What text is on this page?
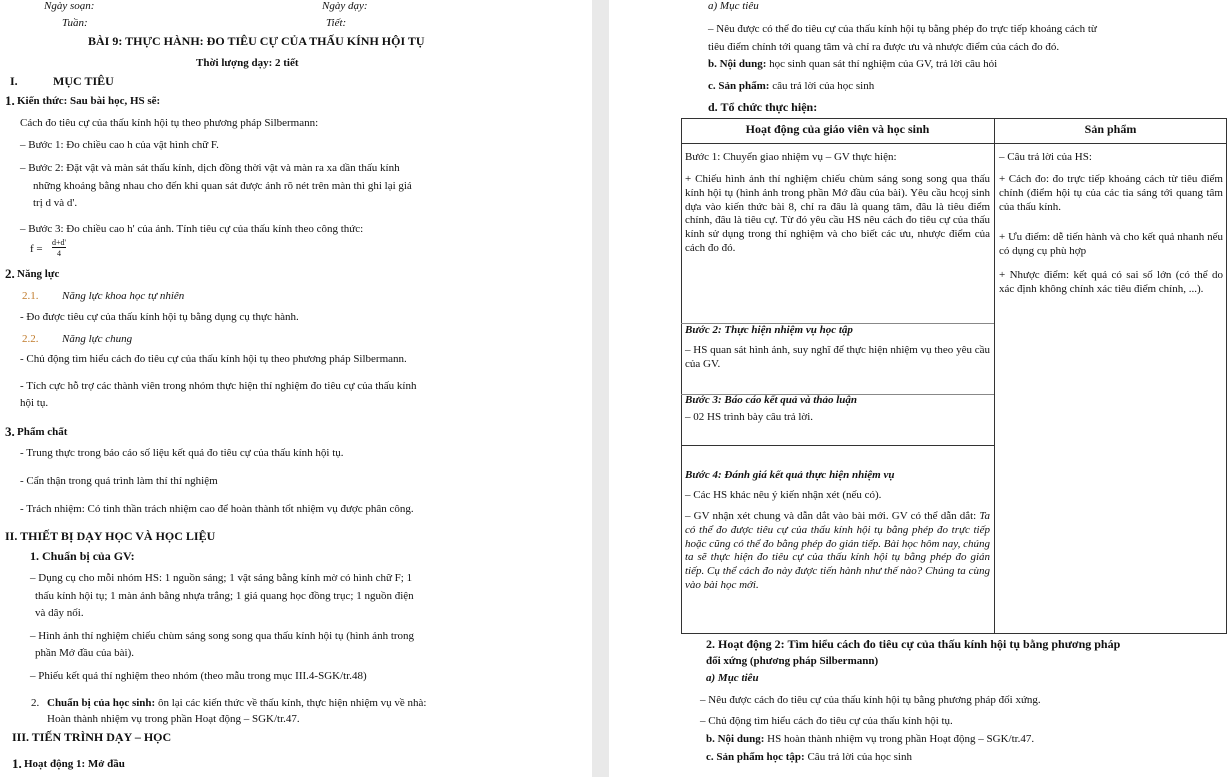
Ngày soạn:	Ngày dạy:
Tuần:	Tiết:
BÀI 9: THỰC HÀNH: ĐO TIÊU CỰ CỦA THẤU KÍNH HỘI TỤ
Thời lượng dạy: 2 tiết
I.	MỤC TIÊU
1. Kiến thức: Sau bài học, HS sẽ:
Cách đo tiêu cự của thấu kính hội tụ theo phương pháp Silbermann:
– Bước 1: Đo chiều cao h của vật hình chữ F.
– Bước 2: Đặt vật và màn sát thấu kính, dịch đồng thời vật và màn ra xa dần thấu kính
những khoảng bằng nhau cho đến khi quan sát được ảnh rõ nét trên màn thì ghi lại giá
trị d và d'.
– Bước 3: Đo chiều cao h' của ảnh. Tính tiêu cự của thấu kính theo công thức:
f =
d+d'
4
2. Năng lực
2.1. Năng lực khoa học tự nhiên
- Đo được tiêu cự của thấu kính hội tụ bằng dụng cụ thực hành.
2.2. Năng lực chung
- Chủ động tìm hiểu cách đo tiêu cự của thấu kính hội tụ theo phương pháp Silbermann.
- Tích cực hỗ trợ các thành viên trong nhóm thực hiện thí nghiệm đo tiêu cự của thấu kính
hội tụ.
3. Phẩm chất
- Trung thực trong báo cáo số liệu kết quả đo tiêu cự của thấu kính hội tụ.
- Cẩn thận trong quá trình làm thí thí nghiệm
- Trách nhiệm: Có tinh thần trách nhiệm cao để hoàn thành tốt nhiệm vụ được phân công.
II. THIẾT BỊ DẠY HỌC VÀ HỌC LIỆU
1. Chuẩn bị của GV:
– Dụng cụ cho mỗi nhóm HS: 1 nguồn sáng; 1 vật sáng bằng kính mờ có hình chữ F; 1
thấu kính hội tụ; 1 màn ảnh bằng nhựa trắng; 1 giá quang học đồng trục; 1 nguồn điện
và dây nối.
– Hình ảnh thí nghiệm chiếu chùm sáng song song qua thấu kính hội tụ (hình ảnh trong
phần Mở đầu của bài).
– Phiếu kết quả thí nghiệm theo nhóm (theo mẫu trong mục III.4-SGK/tr.48)
2. Chuẩn bị của học sinh: ôn lại các kiến thức về thấu kính, thực hiện nhiệm vụ về nhà:
Hoàn thành nhiệm vụ trong phần Hoạt động – SGK/tr.47.
III. TIẾN TRÌNH DẠY – HỌC
1. Hoạt động 1: Mở đầu
a) Mục tiêu
– Nêu được có thể đo tiêu cự của thấu kính hội tụ bằng phép đo trực tiếp khoảng cách từ
tiêu điểm chính tới quang tâm và chỉ ra được ưu và nhược điểm của cách đo đó.
b. Nội dung: học sinh quan sát thí nghiệm của GV, trả lời câu hỏi
c. Sản phẩm: câu trả lời của học sinh
d. Tổ chức thực hiện:
Hoạt động của giáo viên và học sinh	Sản phẩm
Bước 1: Chuyển giao nhiệm vụ – GV thực hiện:
+ Chiếu hình ảnh thí nghiệm chiếu chùm sáng song song qua thấu kính hội tụ (hình ảnh trong phần Mở đầu của bài). Yêu cầu hcọj sinh dựa vào kiến thức bài 8, chỉ ra đâu là quang tâm, đâu là tiêu điểm chính, đâu là tiêu cự. Từ đó yêu cầu HS nêu cách đo tiêu cự của thấu kính sử dụng trong thí nghiệm và cho biết các ưu, nhược điểm của cách đo đó.
Bước 2: Thực hiện nhiệm vụ học tập
– HS quan sát hình ảnh, suy nghĩ để thực hiện nhiệm vụ theo yêu cầu của GV.
Bước 3: Báo cáo kết quả và thảo luận
– 02 HS trình bày câu trả lời.
Bước 4: Đánh giá kết quả thực hiện nhiệm vụ
– Các HS khác nêu ý kiến nhận xét (nếu có).
– GV nhận xét chung và dẫn dắt vào bài mới. GV có thể dẫn dắt: Ta có thể đo được tiêu cự của thấu kính hội tụ bằng phép đo trực tiếp hoặc cũng có thể đo bằng phép đo gián tiếp. Bài học hôm nay, chúng ta sẽ thực hiện đo tiêu cự của thấu kính hội tụ bằng phép đo gián tiếp. Cụ thể cách đo này được tiến hành như thế nào? Chúng ta cùng vào bài học mới.
– Câu trả lời của HS:
+ Cách đo: đo trực tiếp khoảng cách từ tiêu điểm chính (điểm hội tụ của các tia sáng tới quang tâm của thấu kính.
+ Ưu điểm: dễ tiến hành và cho kết quả nhanh nếu có dụng cụ phù hợp
+ Nhược điểm: kết quả có sai số lớn (có thể do xác định không chính xác tiêu điểm chính, ...).
2. Hoạt động 2: Tìm hiểu cách đo tiêu cự của thấu kính hội tụ bằng phương pháp
đối xứng (phương pháp Silbermann)
a) Mục tiêu
– Nêu được cách đo tiêu cự của thấu kính hội tụ bằng phương pháp đối xứng.
– Chủ động tìm hiểu cách đo tiêu cự của thấu kính hội tụ.
b. Nội dung: HS hoàn thành nhiệm vụ trong phần Hoạt động – SGK/tr.47.
c. Sản phẩm học tập: Câu trả lời của học sinh
